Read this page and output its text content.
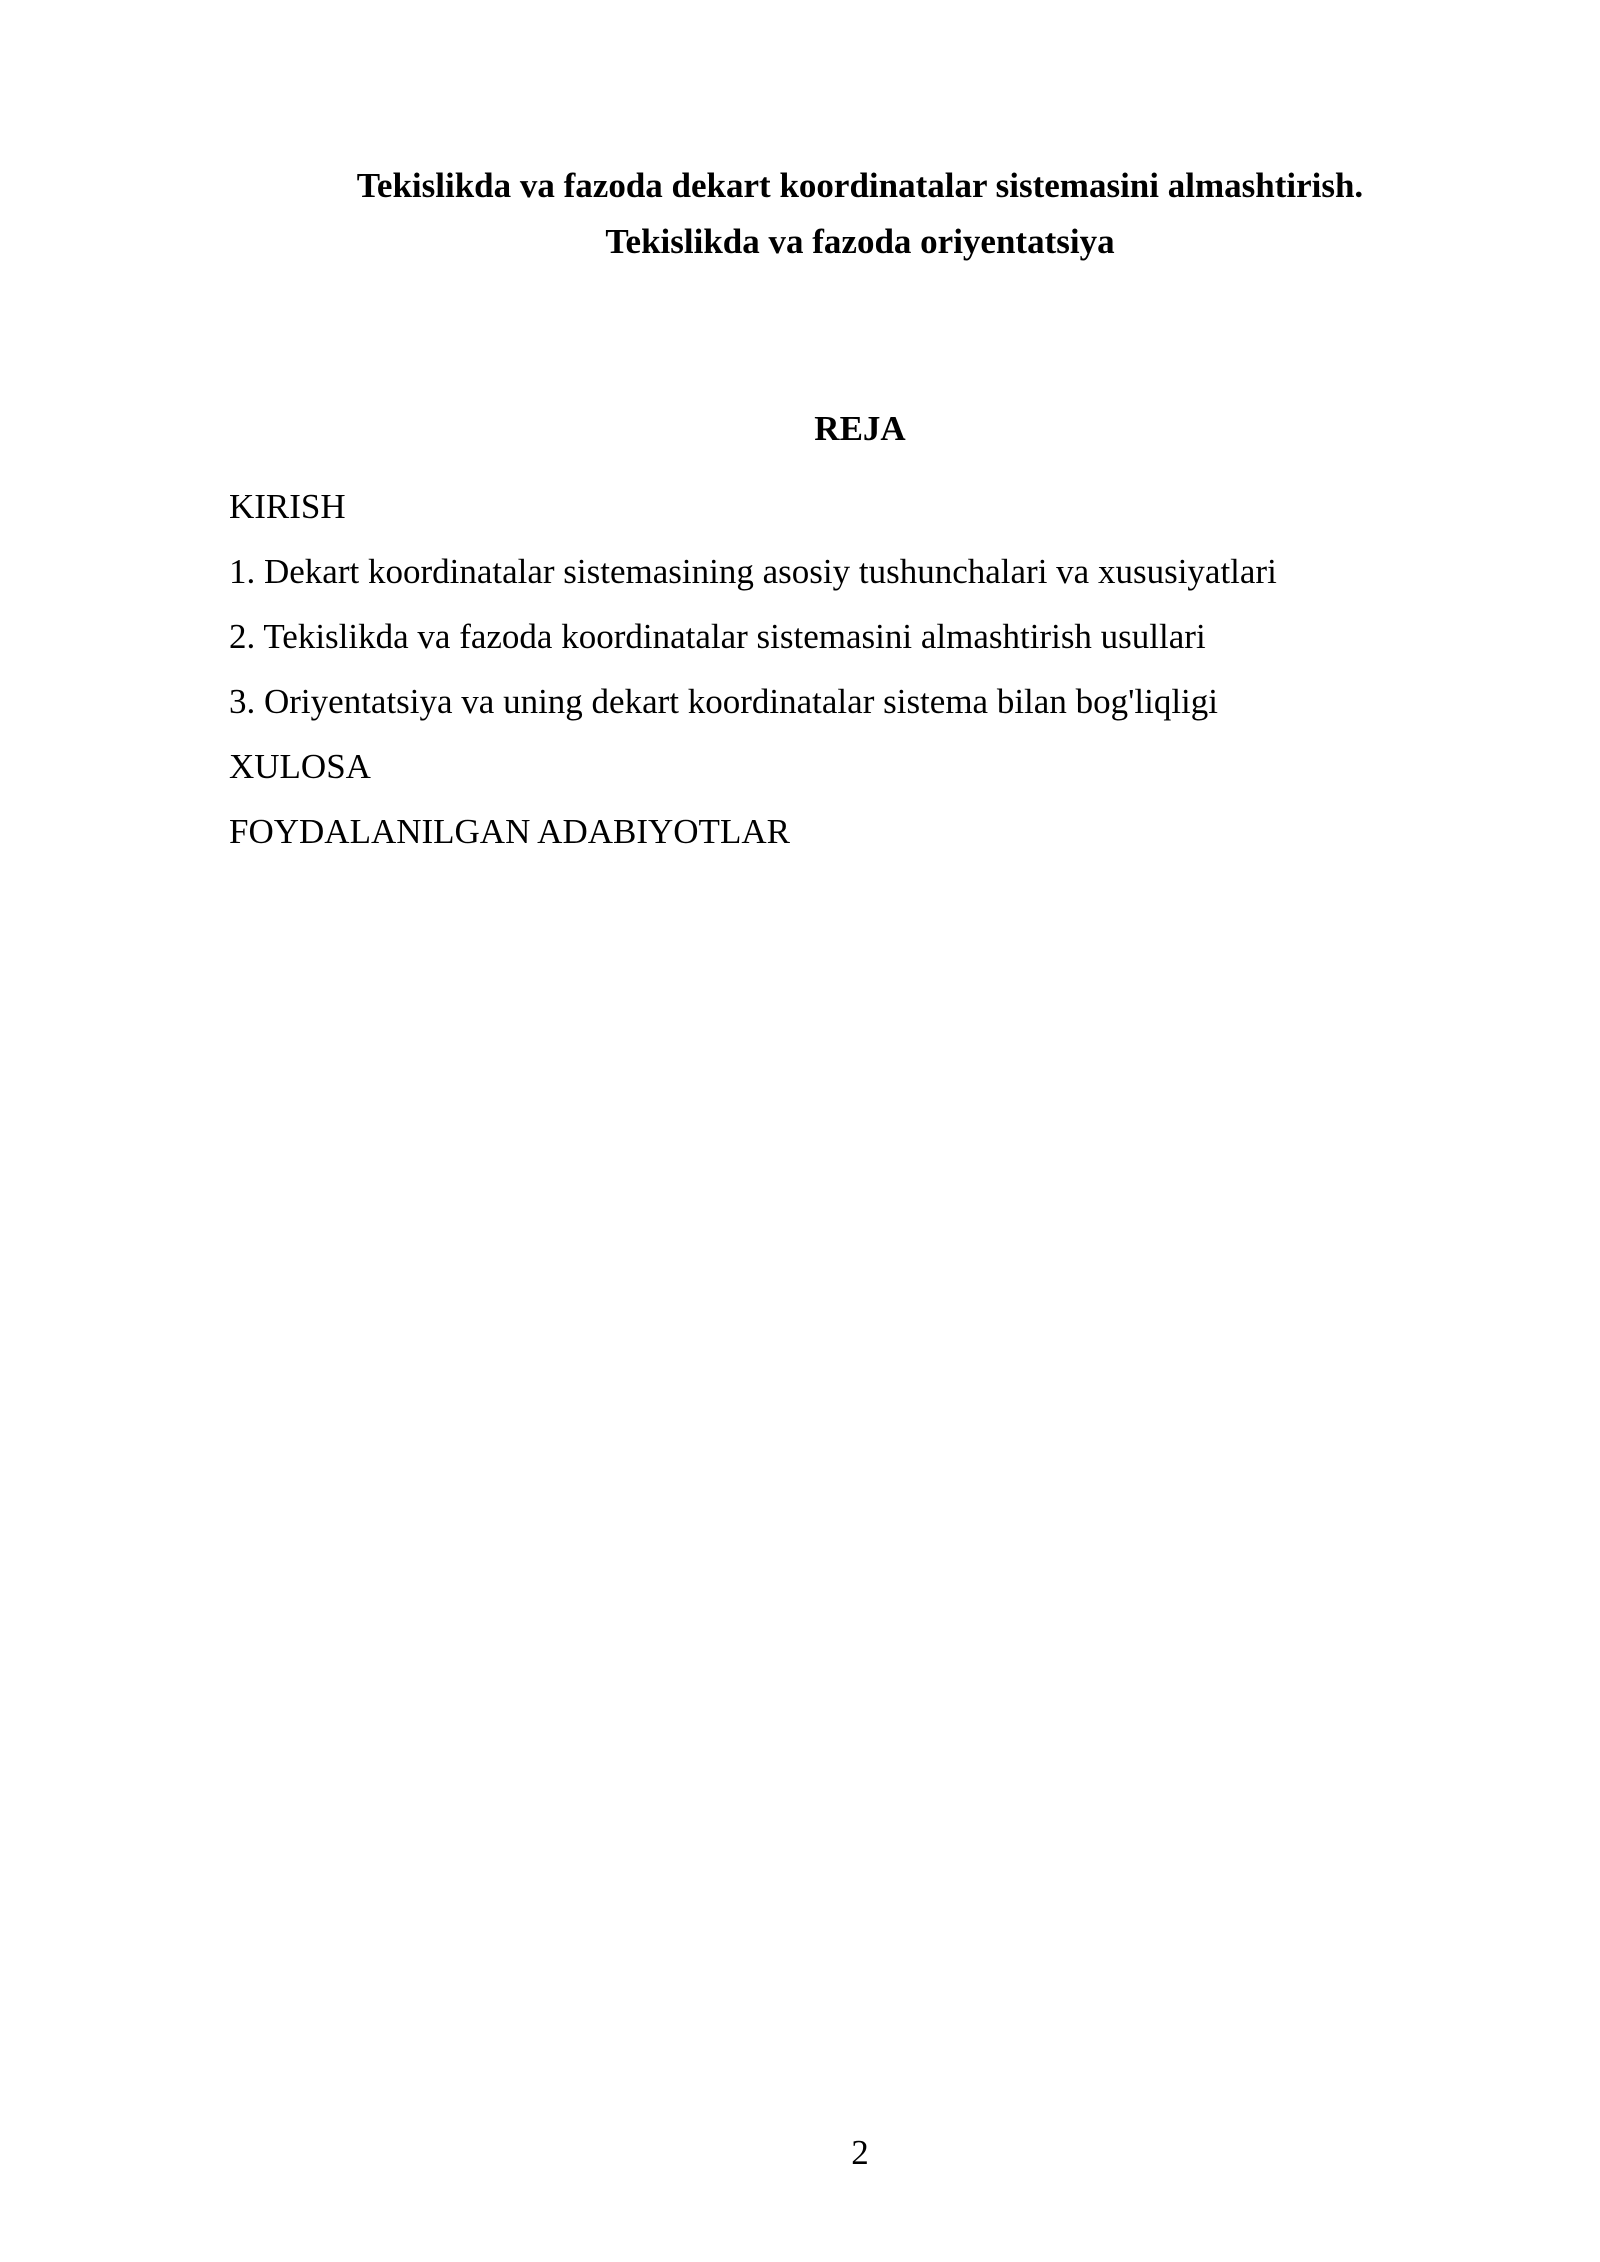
Tekislikda va fazoda dekart koordinatalar sistemasini almashtirish.
Tekislikda va fazoda oriyentatsiya
REJA
KIRISH
1. Dekart koordinatalar sistemasining asosiy tushunchalari va xususiyatlari
2. Tekislikda va fazoda koordinatalar sistemasini almashtirish usullari
3. Oriyentatsiya va uning dekart koordinatalar sistema bilan bog'liqligi
XULOSA
FOYDALANILGAN ADABIYOTLAR
2
